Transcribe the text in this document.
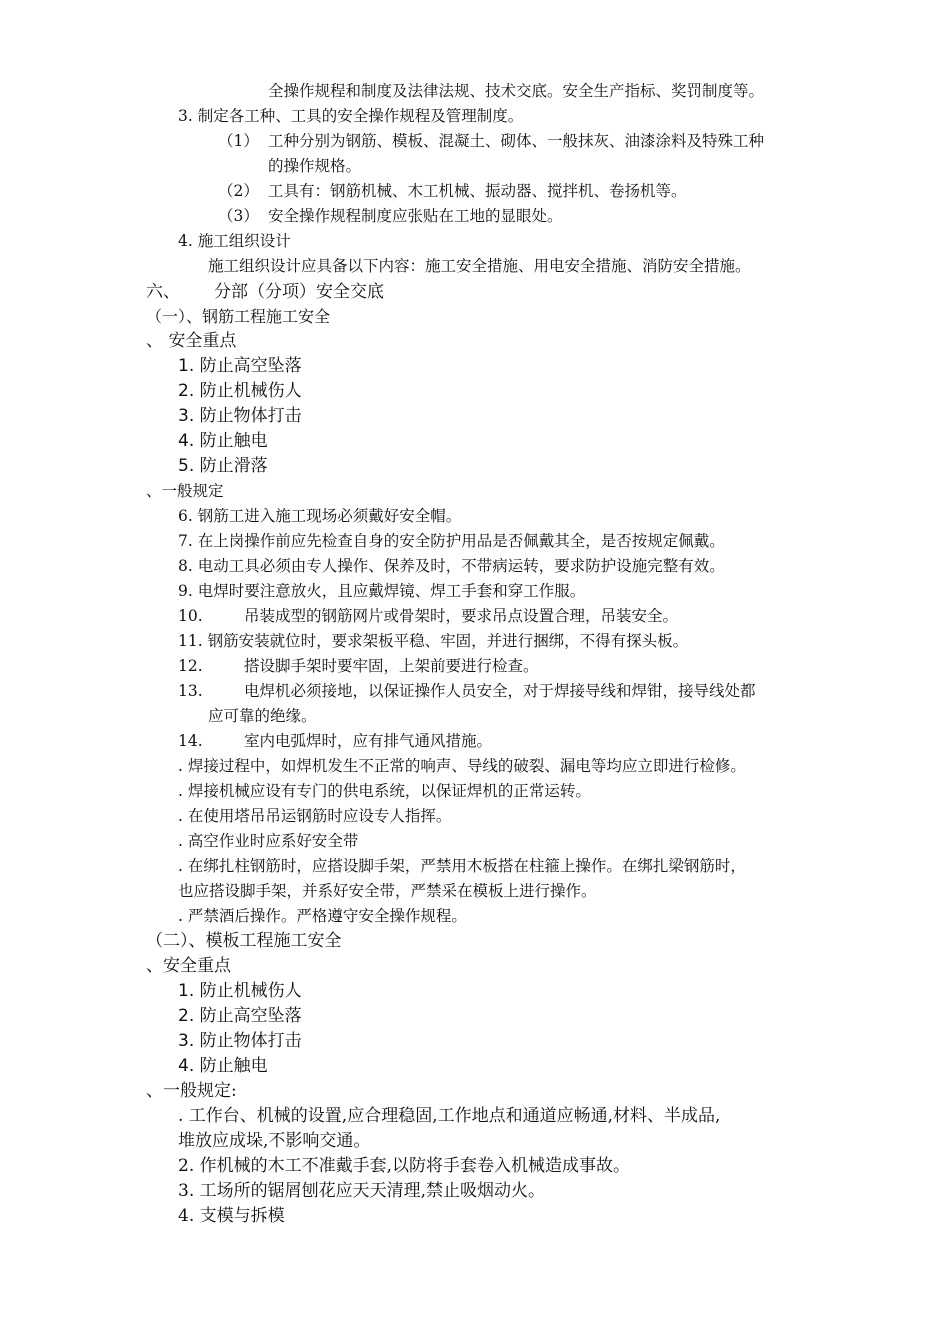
全操作规程和制度及法律法规、技术交底。安全生产指标、奖罚制度等。
3. 制定各工种、工具的安全操作规程及管理制度。
（1） 工种分别为钢筋、模板、混凝土、砌体、一般抹灰、油漆涂料及特殊工种
的操作规格。
（2） 工具有：钢筋机械、木工机械、振动器、搅拌机、卷扬机等。
（3） 安全操作规程制度应张贴在工地的显眼处。
4. 施工组织设计
施工组织设计应具备以下内容：施工安全措施、用电安全措施、消防安全措施。
六、 分部（分项）安全交底
（一）、钢筋工程施工安全
、 安全重点
1. 防止高空坠落
2. 防止机械伤人
3. 防止物体打击
4. 防止触电
5. 防止滑落
、一般规定
6. 钢筋工进入施工现场必须戴好安全帽。
7. 在上岗操作前应先检查自身的安全防护用品是否佩戴其全，是否按规定佩戴。
8. 电动工具必须由专人操作、保养及时，不带病运转，要求防护设施完整有效。
9. 电焊时要注意放火，且应戴焊镜、焊工手套和穿工作服。
10.	吊装成型的钢筋网片或骨架时，要求吊点设置合理，吊装安全。
11. 钢筋安装就位时，要求架板平稳、牢固，并进行捆绑，不得有探头板。
12.	搭设脚手架时要牢固，上架前要进行检查。
13.	电焊机必须接地，以保证操作人员安全，对于焊接导线和焊钳，接导线处都
应可靠的绝缘。
14.	室内电弧焊时，应有排气通风措施。
. 焊接过程中，如焊机发生不正常的响声、导线的破裂、漏电等均应立即进行检修。
. 焊接机械应设有专门的供电系统，以保证焊机的正常运转。
. 在使用塔吊吊运钢筋时应设专人指挥。
. 高空作业时应系好安全带
. 在绑扎柱钢筋时，应搭设脚手架，严禁用木板搭在柱箍上操作。在绑扎梁钢筋时，
也应搭设脚手架，并系好安全带，严禁采在模板上进行操作。
. 严禁酒后操作。严格遵守安全操作规程。
（二）、模板工程施工安全
、安全重点
1. 防止机械伤人
2. 防止高空坠落
3. 防止物体打击
4. 防止触电
、一般规定:
. 工作台、机械的设置,应合理稳固,工作地点和通道应畅通,材料、半成品,
堆放应成垛,不影响交通。
2. 作机械的木工不准戴手套,以防将手套卷入机械造成事故。
3. 工场所的锯屑刨花应天天清理,禁止吸烟动火。
4. 支模与拆模
